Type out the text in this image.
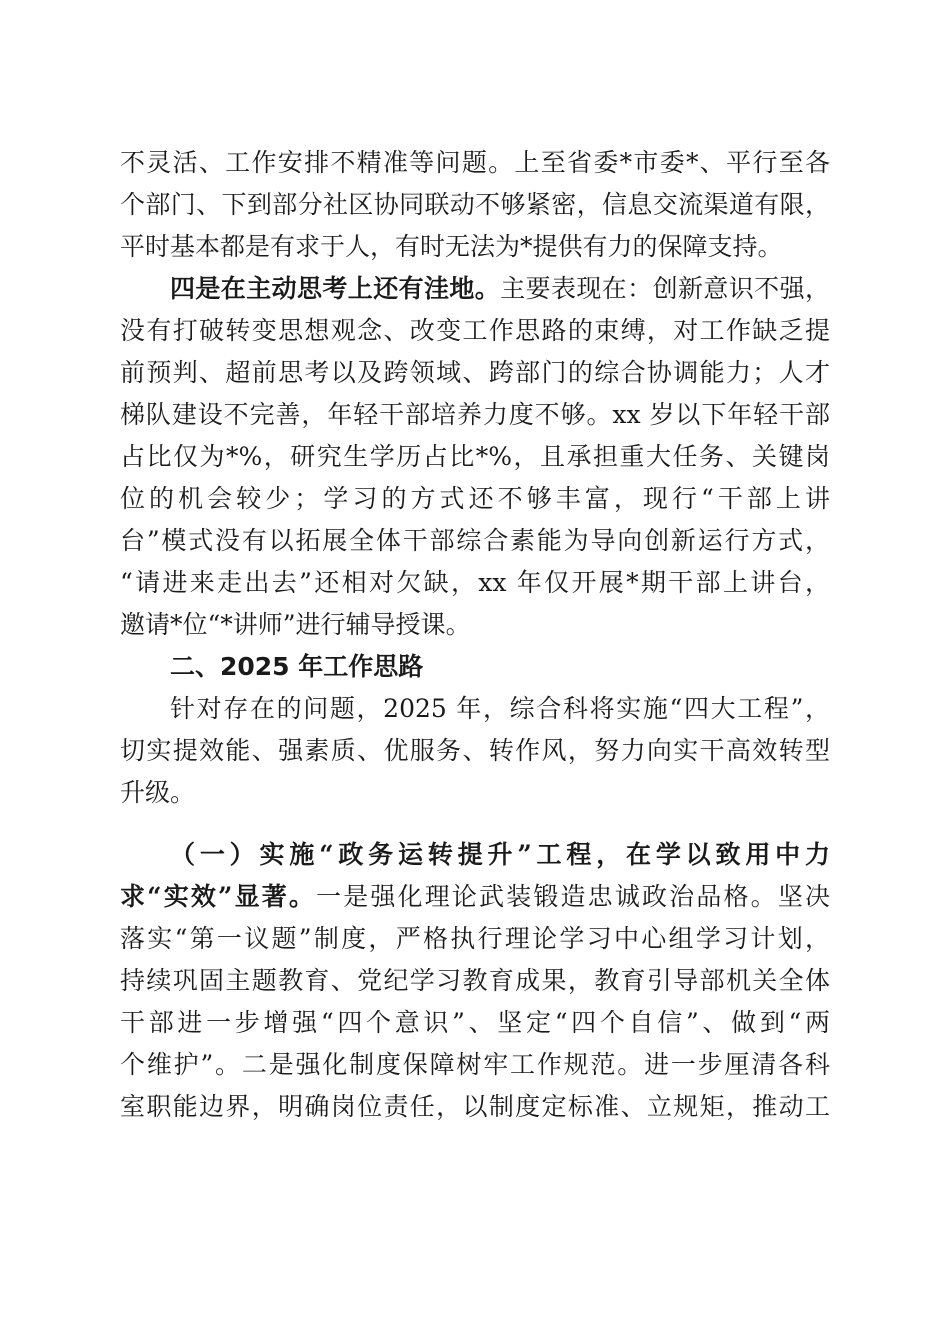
不灵活、工作安排不精准等问题。上至省委*市委*、平行至各
个部门、下到部分社区协同联动不够紧密，信息交流渠道有限，
平时基本都是有求于人，有时无法为*提供有力的保障支持。
四是在主动思考上还有洼地。主要表现在：创新意识不强，
没有打破转变思想观念、改变工作思路的束缚，对工作缺乏提
前预判、超前思考以及跨领域、跨部门的综合协调能力；人才
梯队建设不完善，年轻干部培养力度不够。xx 岁以下年轻干部
占比仅为*%，研究生学历占比*%，且承担重大任务、关键岗
位的机会较少；学习的方式还不够丰富，现行“干部上讲
台”模式没有以拓展全体干部综合素能为导向创新运行方式，
“请进来走出去”还相对欠缺，xx 年仅开展*期干部上讲台，
邀请*位“*讲师”进行辅导授课。
二、2025 年工作思路
针对存在的问题，2025 年，综合科将实施“四大工程”，
切实提效能、强素质、优服务、转作风，努力向实干高效转型
升级。
（一）实施“政务运转提升”工程，在学以致用中力
求“实效”显著。一是强化理论武装锻造忠诚政治品格。坚决
落实“第一议题”制度，严格执行理论学习中心组学习计划，
持续巩固主题教育、党纪学习教育成果，教育引导部机关全体
干部进一步增强“四个意识”、坚定“四个自信”、做到“两
个维护”。二是强化制度保障树牢工作规范。进一步厘清各科
室职能边界，明确岗位责任，以制度定标准、立规矩，推动工
